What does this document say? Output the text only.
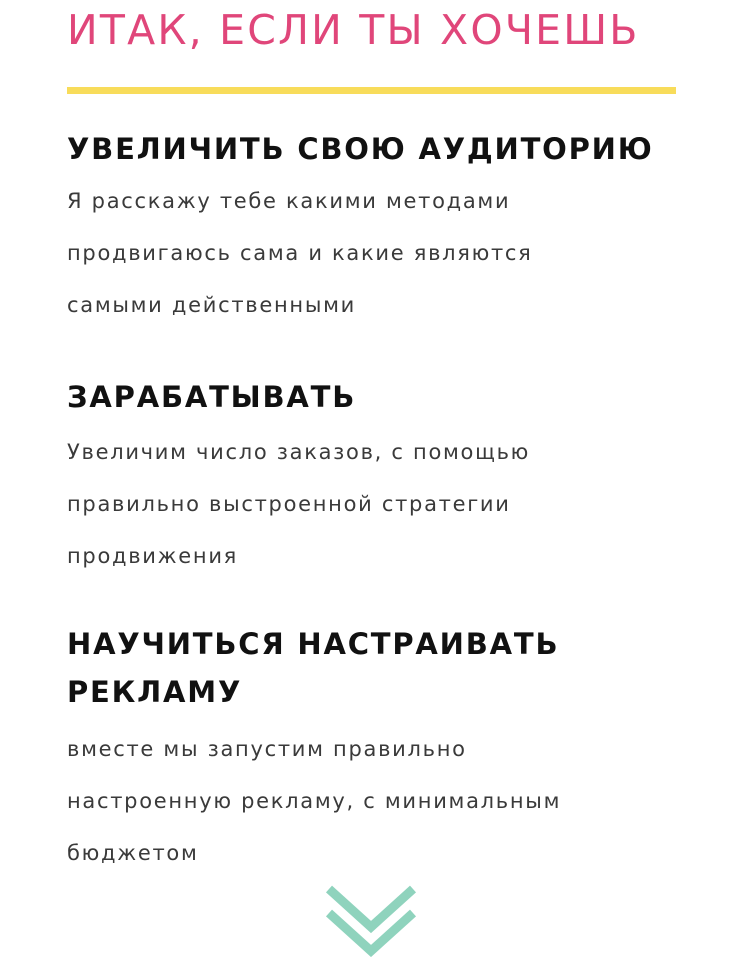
ИТАК, ЕСЛИ ТЫ ХОЧЕШЬ
УВЕЛИЧИТЬ СВОЮ АУДИТОРИЮ

Я расскажу тебе какими методами
продвигаюсь сама и какие являются
самыми действенными

ЗАРАБАТЫВАТЬ

Увеличим число заказов, с помощью
правильно выстроенной стратегии
продвижения

НАУЧИТЬСЯ НАСТРАИВАТЬ
РЕКЛАМУ

вместе мы запустим правильно
настроенную рекламу, с минимальным
бюджетом
